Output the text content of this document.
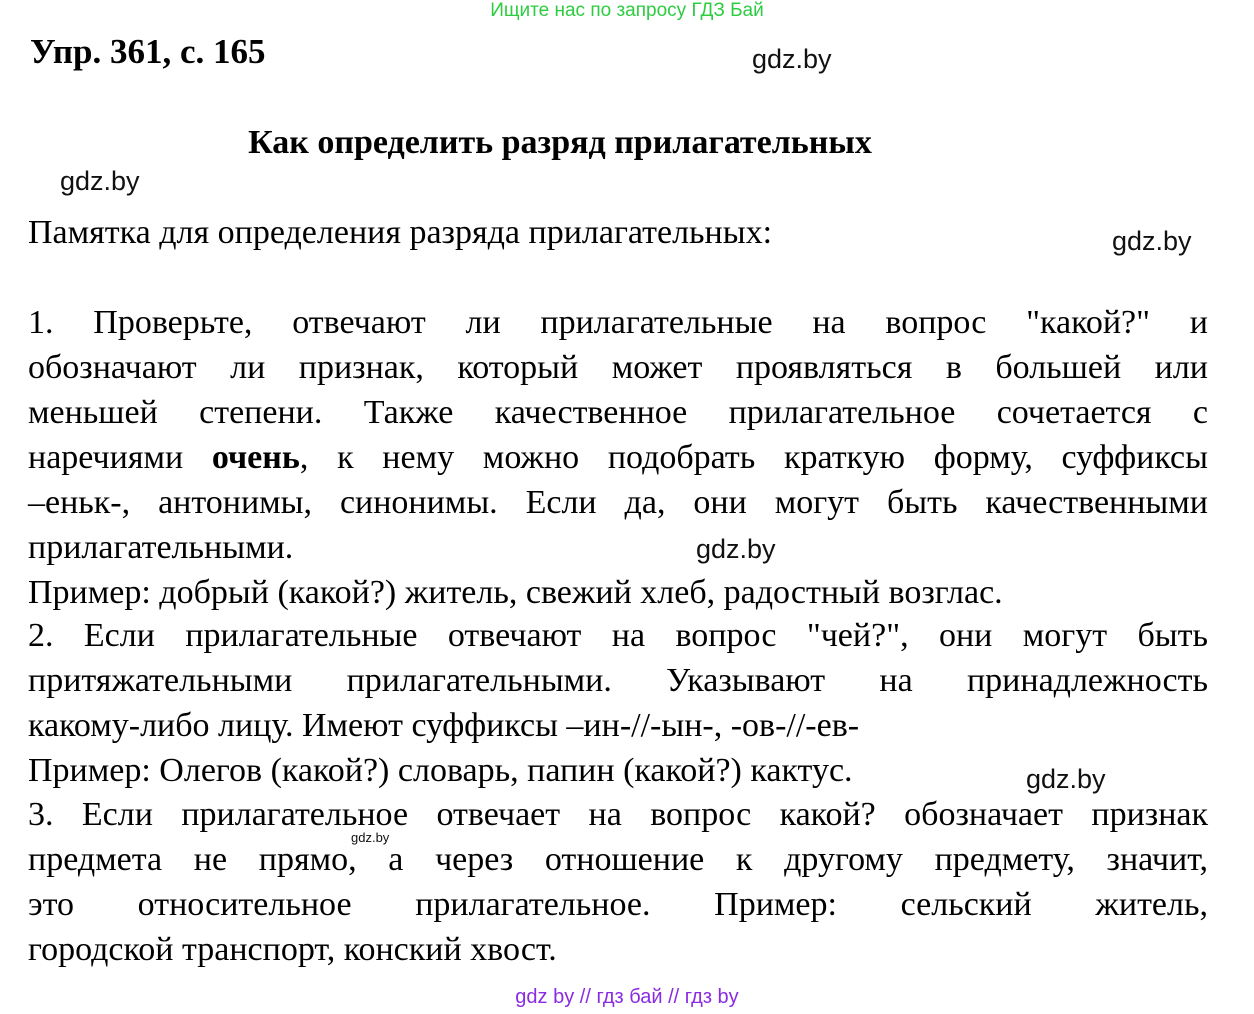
Ищите нас по запросу ГДЗ Бай
Упр. 361, с. 165	gdz.by
Как определить разряд прилагательных
gdz.by
gdz.by
Памятка для определения разряда прилагательных:
1. Проверьте, отвечают ли прилагательные на вопрос "какой?" и
обозначают ли признак, который может проявляться в большей или
меньшей степени. Также качественное прилагательное сочетается с
наречиями очень, к нему можно подобрать краткую форму, суффиксы
–еньк-, антонимы, синонимы. Если да, они могут быть качественными
прилагательными.
Пример: добрый (какой?) житель, свежий хлеб, радостный возглас.
gdz.by
2. Если прилагательные отвечают на вопрос "чей?", они могут быть
притяжательными прилагательными. Указывают на принадлежность
какому-либо лицу. Имеют суффиксы –ин-//-ын-, -ов-//-ев-
Пример: Олегов (какой?) словарь, папин (какой?) кактус.	gdz.by
3. Если прилагательное отвечает на вопрос какой? обозначает признак
предмета не прямо, а через отношение к другому предмету, значит,
это относительное прилагательное. Пример: сельский житель,
городской транспорт, конский хвост.
gdz.by
gdz by // гдз бай // гдз by
